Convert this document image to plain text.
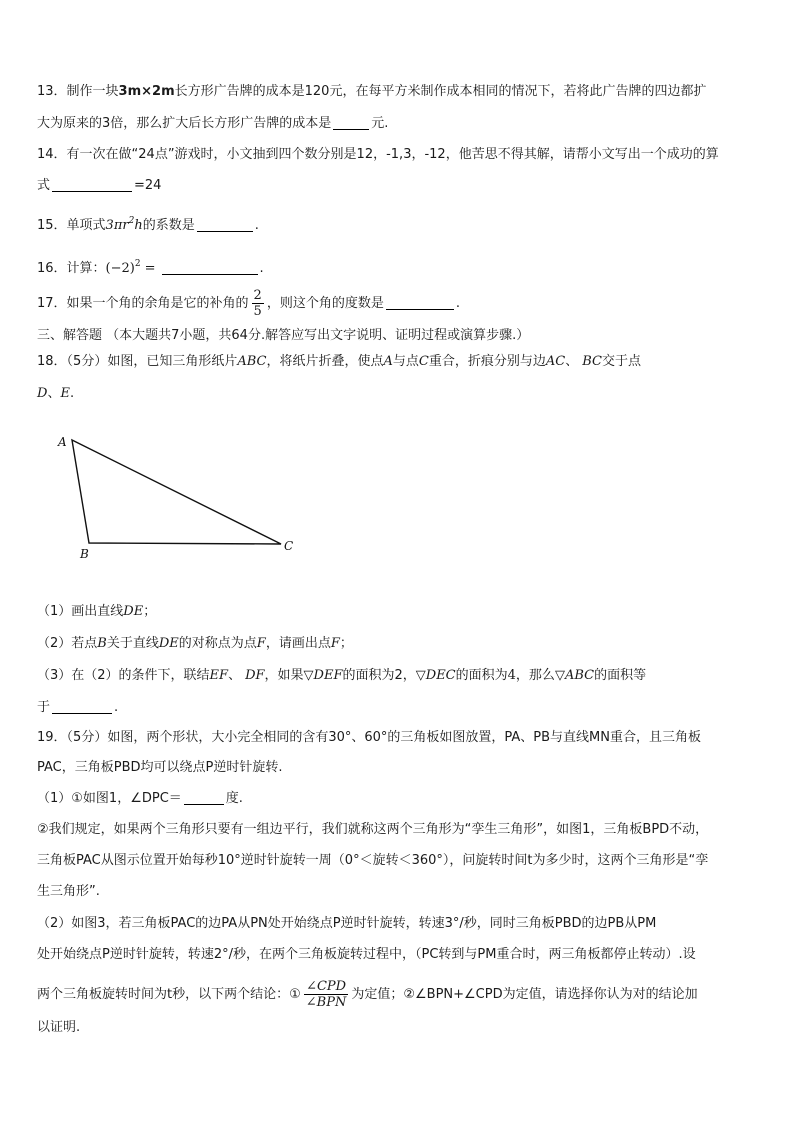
13．制作一块3m×2m长方形广告牌的成本是120元，在每平方米制作成本相同的情况下，若将此广告牌的四边都扩
大为原来的3倍，那么扩大后长方形广告牌的成本是	元.
14．有一次在做“24点”游戏时，小文抽到四个数分别是12，-1,3，-12，他苦思不得其解，请帮小文写出一个成功的算
式	=24
15．单项式$3\pi r^2h$的系数是	.
16．计算：$(-2)^2$ =	.
17．如果一个角的余角是它的补角的 $\frac{2}{5}$ ，则这个角的度数是	.
三、解答题 （本大题共7小题，共64分.解答应写出文字说明、证明过程或演算步骤.）
18．（5分）如图，已知三角形纸片ABC，将纸片折叠，使点A与点C重合，折痕分别与边AC、 BC交于点
D、E.
A
B
C
（1）画出直线DE；
（2）若点B关于直线DE的对称点为点F，请画出点F；
（3）在（2）的条件下，联结EF、 DF，如果▽DEF的面积为2，▽DEC的面积为4，那么▽ABC的面积等
于	.
19．（5分）如图，两个形状，大小完全相同的含有30°、60°的三角板如图放置，PA、PB与直线MN重合，且三角板
PAC，三角板PBD均可以绕点P逆时针旋转.
（1）①如图1，∠DPC＝	度.
②我们规定，如果两个三角形只要有一组边平行，我们就称这两个三角形为“孪生三角形”，如图1，三角板BPD不动，
三角板PAC从图示位置开始每秒10°逆时针旋转一周（0°＜旋转＜360°），问旋转时间t为多少时，这两个三角形是“孪
生三角形”.
（2）如图3，若三角板PAC的边PA从PN处开始绕点P逆时针旋转，转速3°/秒，同时三角板PBD的边PB从PM
处开始绕点P逆时针旋转，转速2°/秒，在两个三角板旋转过程中，（PC转到与PM重合时，两三角板都停止转动）.设
两个三角板旋转时间为t秒，以下两个结论：① $\frac{\text{∠CPD}}{\text{∠BPN}}$ 为定值；②∠BPN+∠CPD为定值，请选择你认为对的结论加
以证明.
